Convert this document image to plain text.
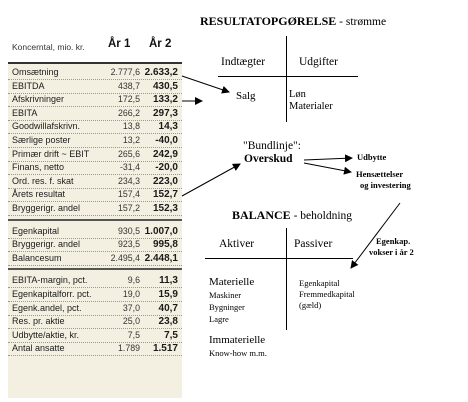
Koncerntal, mio. kr. År 1 År 2
Omsætning	2.777,6 2.633,2
EBITDA	438,7 430,5
Afskrivninger	172,5 133,2
EBITA	266,2 297,3
Goodwillafskrivn.	13,8 14,3
Særlige poster	13,2 -40,0
Primær drift ~ EBIT	265,6 242,9
Finans, netto	-31,4 -20,0
Ord. res. f. skat	234,3 223,0
Årets resultat	157,4 152,7
Bryggerigr. andel	157,2 152,3
Egenkapital	930,5 1.007,0
Bryggerigr. andel	923,5 995,8
Balancesum	2.495,4 2.448,1
EBITA-margin, pct.	9,6 11,3
Egenkapitalforr. pct.	19,0 15,9
Egenk.andel, pct.	37,0 40,7
Res. pr. aktie	25,0 23,8
Udbytte/aktie, kr.	7,5 7,5
Antal ansatte	1.789 1.517
RESULTATOPGØRELSE - strømme
Indtægter	Udgifter
Salg	Løn
Materialer
"Bundlinje":
Overskud	Udbytte
Hensættelser
og investering
BALANCE - beholdning
Aktiver	Passiver	Egenkap.
vokser i år 2
Materielle
Maskiner
Bygninger
Lagre
Immaterielle
Know-how m.m.
Egenkapital
Fremmedkapital
(gæld)
